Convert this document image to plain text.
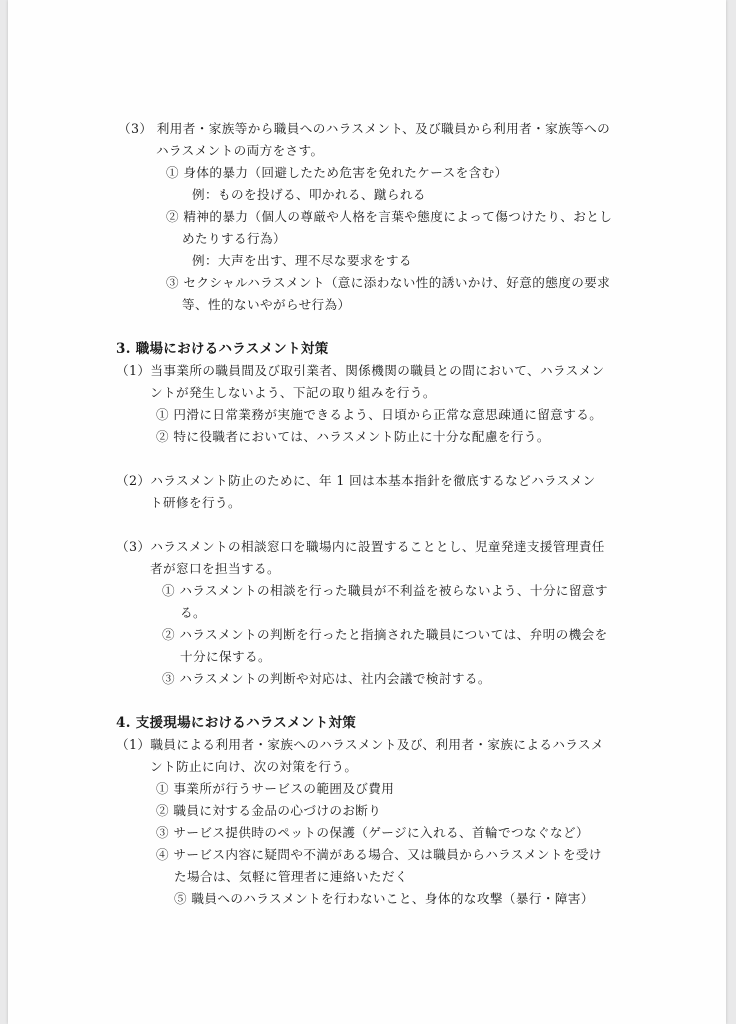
（3） 利用者・家族等から職員へのハラスメント、及び職員から利用者・家族等への
ハラスメントの両方をさす。
① 身体的暴力（回避したため危害を免れたケースを含む）
例：ものを投げる、叩かれる、蹴られる
② 精神的暴力（個人の尊厳や人格を言葉や態度によって傷つけたり、おとし
めたりする行為）
例：大声を出す、理不尽な要求をする
③ セクシャルハラスメント（意に添わない性的誘いかけ、好意的態度の要求
等、性的ないやがらせ行為）
3. 職場におけるハラスメント対策
（1）当事業所の職員間及び取引業者、関係機関の職員との間において、ハラスメン
ントが発生しないよう、下記の取り組みを行う。
① 円滑に日常業務が実施できるよう、日頃から正常な意思疎通に留意する。
② 特に役職者においては、ハラスメント防止に十分な配慮を行う。
（2）ハラスメント防止のために、年 1 回は本基本指針を徹底するなどハラスメン
ト研修を行う。
（3）ハラスメントの相談窓口を職場内に設置することとし、児童発達支援管理責任
者が窓口を担当する。
① ハラスメントの相談を行った職員が不利益を被らないよう、十分に留意す
る。
② ハラスメントの判断を行ったと指摘された職員については、弁明の機会を
十分に保する。
③ ハラスメントの判断や対応は、社内会議で検討する。
4. 支援現場におけるハラスメント対策
（1）職員による利用者・家族へのハラスメント及び、利用者・家族によるハラスメ
ント防止に向け、次の対策を行う。
① 事業所が行うサービスの範囲及び費用
② 職員に対する金品の心づけのお断り
③ サービス提供時のペットの保護（ゲージに入れる、首輪でつなぐなど）
④ サービス内容に疑問や不満がある場合、又は職員からハラスメントを受け
た場合は、気軽に管理者に連絡いただく
⑤ 職員へのハラスメントを行わないこと、身体的な攻撃（暴行・障害）
